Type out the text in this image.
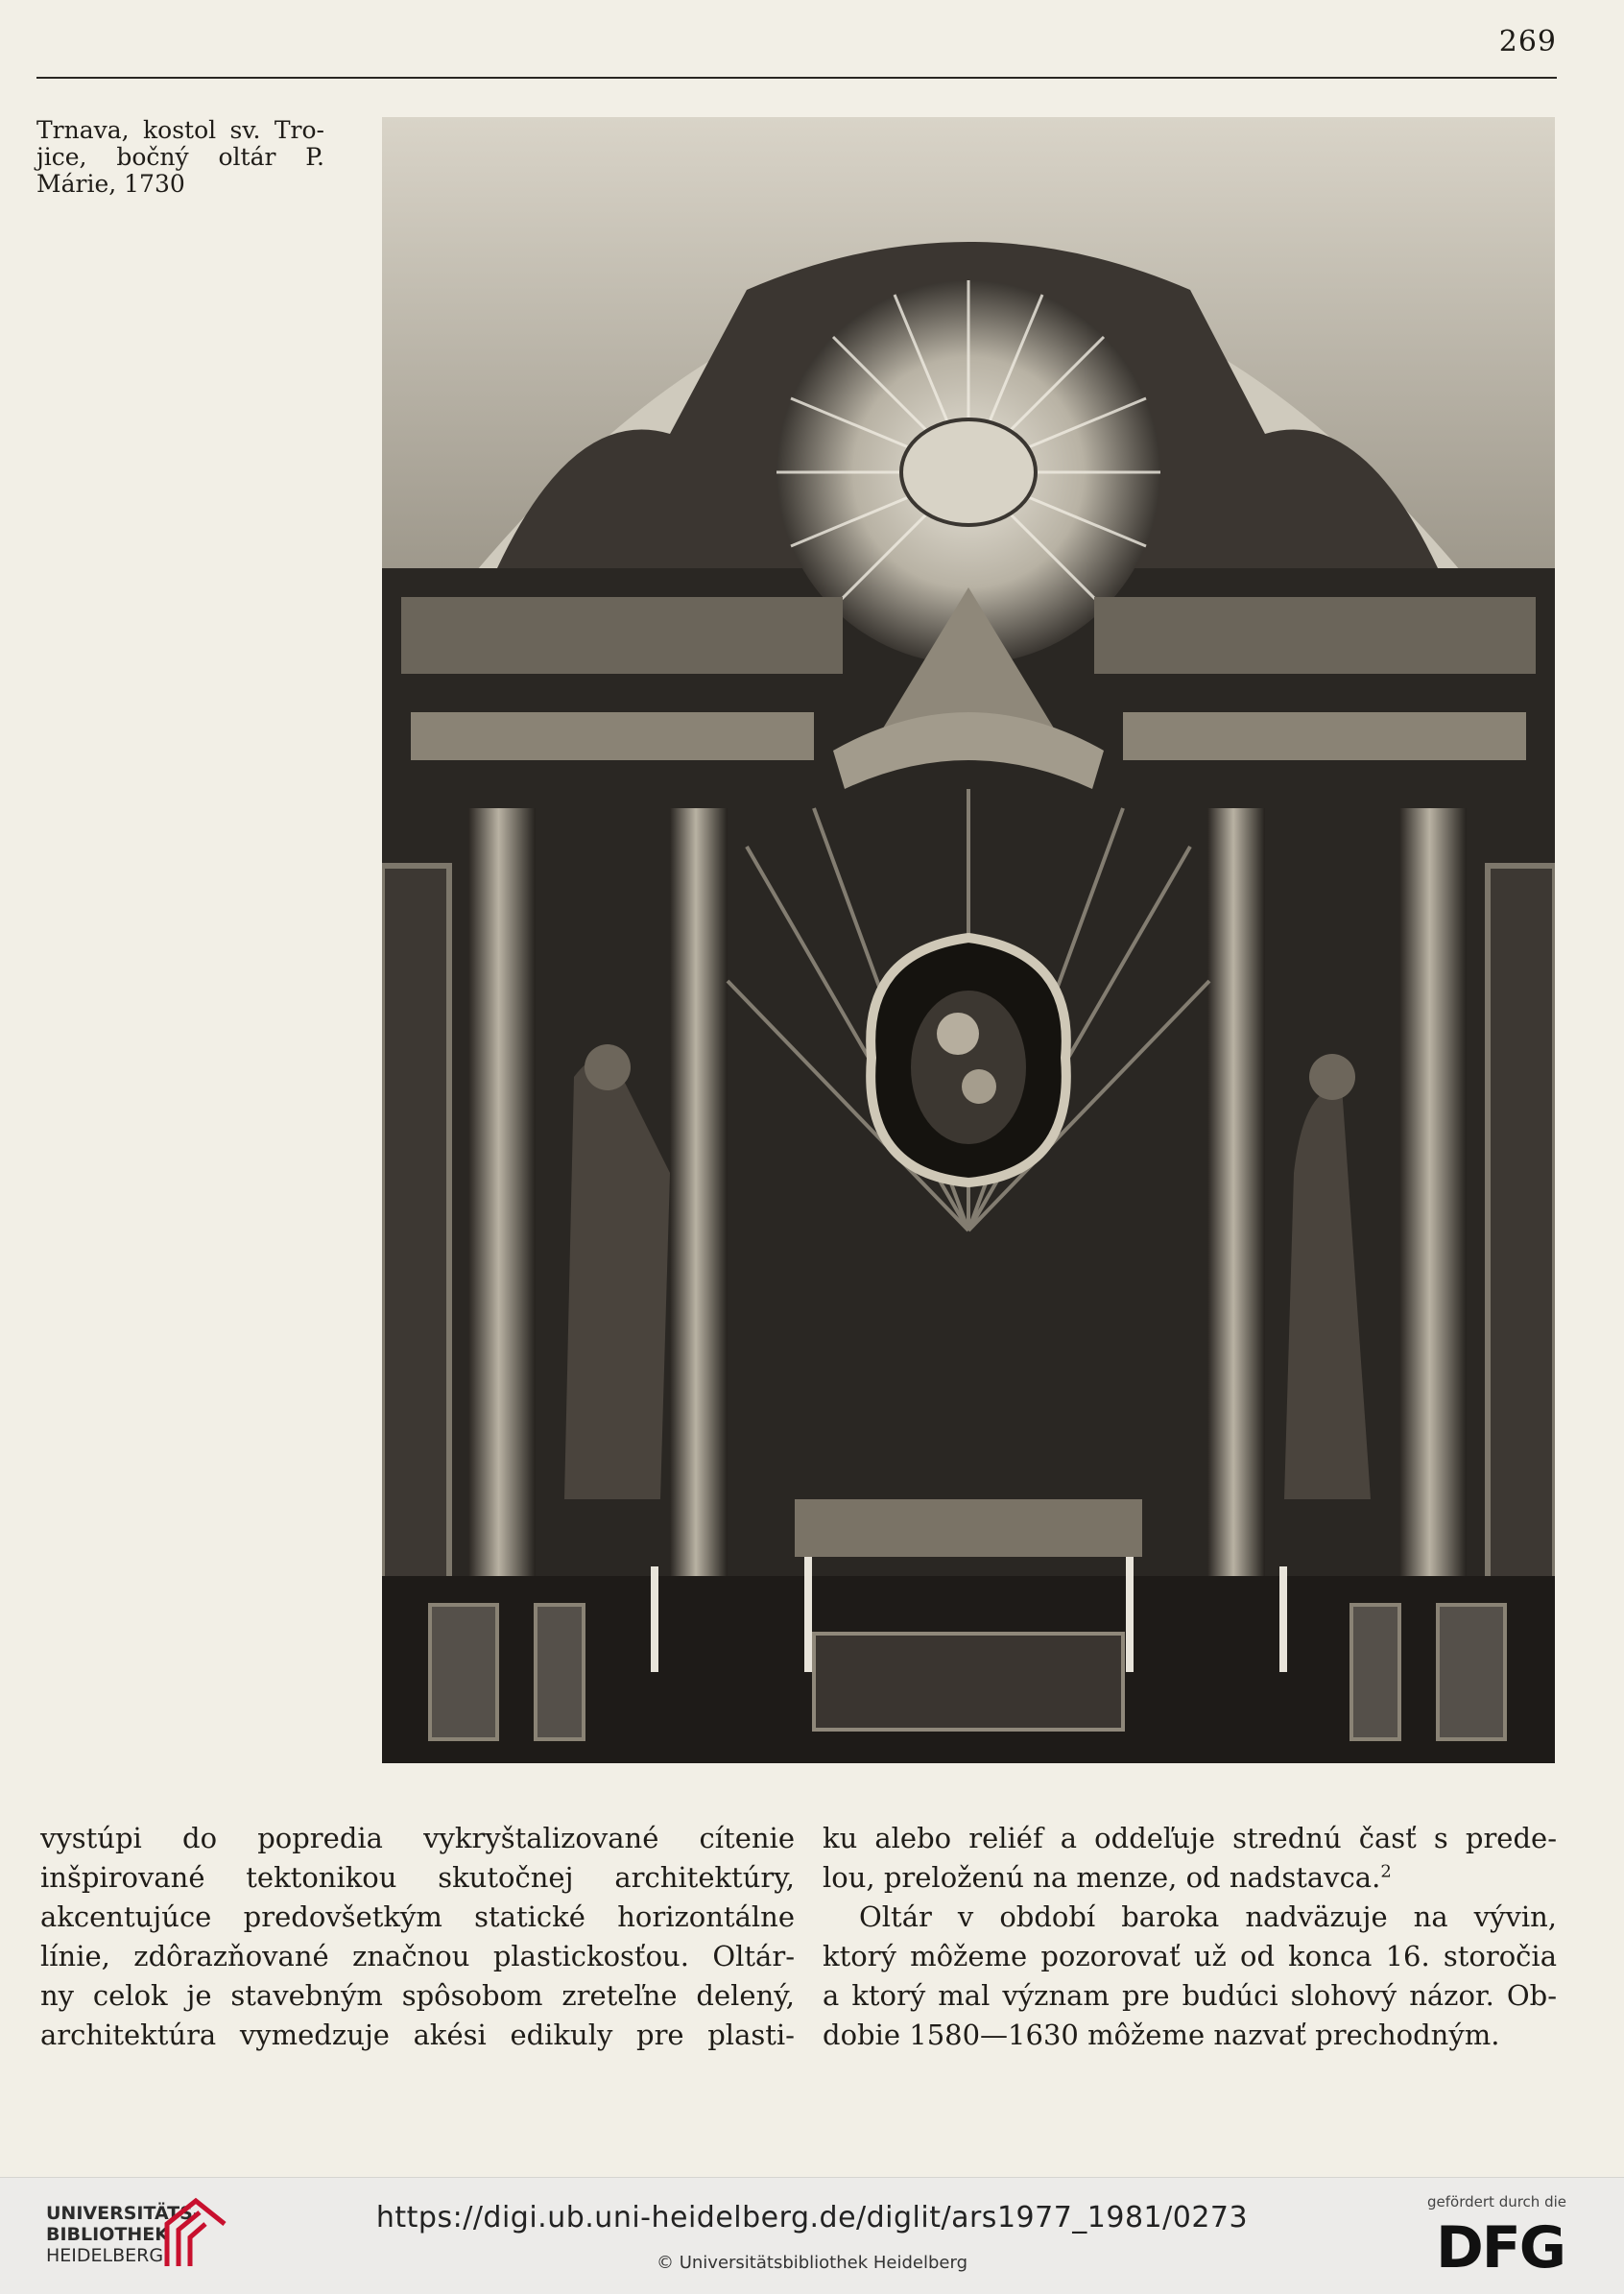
269
Trnava, kostol sv. Tro-
jice, bočný oltár P.
Márie, 1730
vystúpi do popredia vykryštalizované cítenie
inšpirované tektonikou skutočnej architektúry,
akcentujúce predovšetkým statické horizontálne
línie, zdôrazňované značnou plastickosťou. Oltár-
ny celok je stavebným spôsobom zreteľne delený,
architektúra vymedzuje akési edikuly pre plasti-
ku alebo reliéf a oddeľuje strednú časť s prede-
lou, preloženú na menze, od nadstavca.$^2$
Oltár v období baroka nadväzuje na vývin,
ktorý môžeme pozorovať už od konca 16. storočia
a ktorý mal význam pre budúci slohový názor. Ob-
dobie 1580—1630 môžeme nazvať prechodným.
UNIVERSITÄTS-
BIBLIOTHEK
HEIDELBERG
https://digi.ub.uni-heidelberg.de/diglit/ars1977_1981/0273
© Universitätsbibliothek Heidelberg
gefördert durch die
DFG
